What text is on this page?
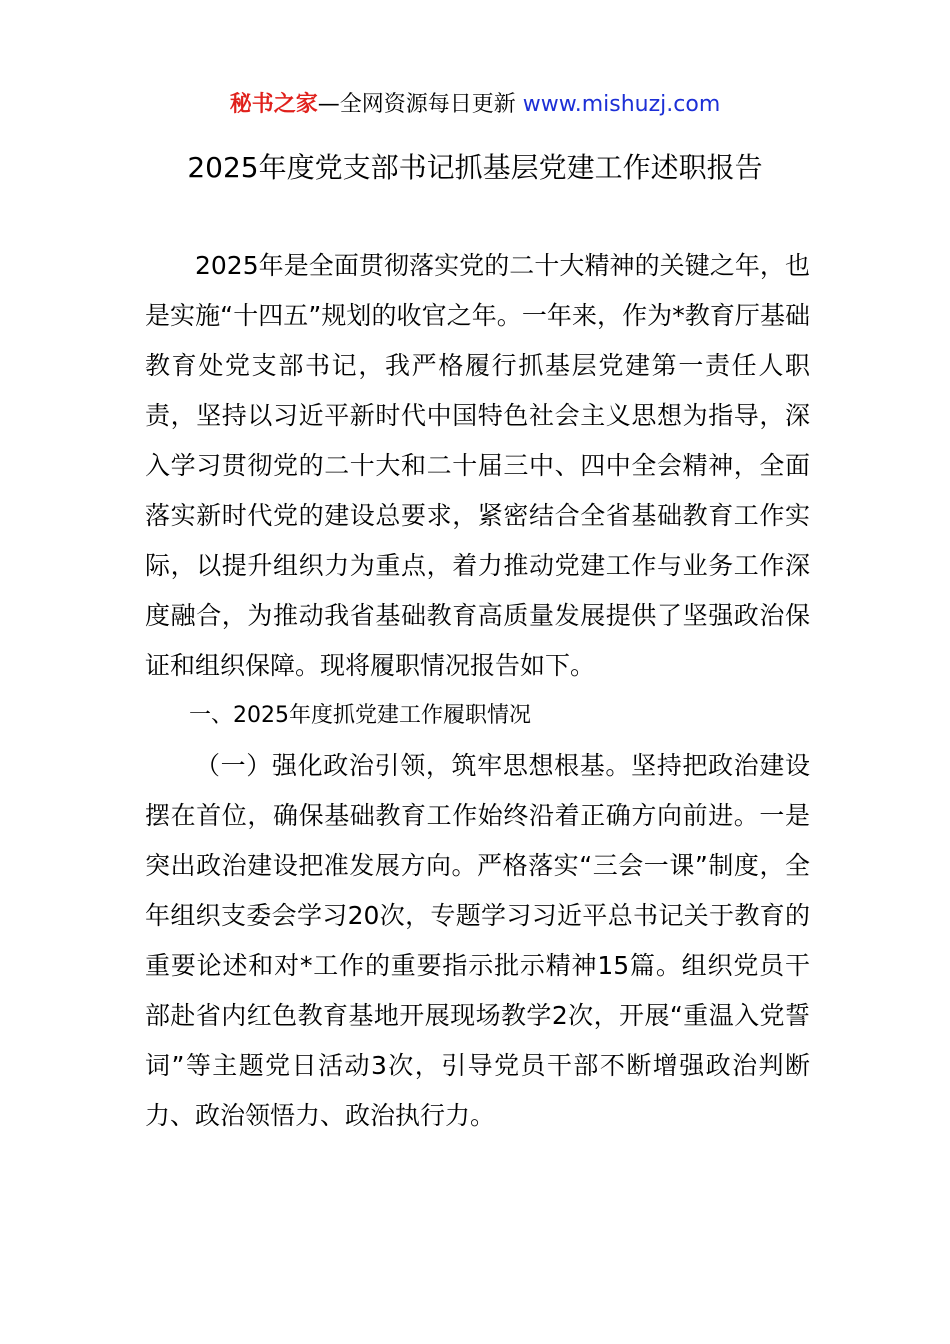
秘书之家—全网资源每日更新 www.mishuzj.com
2025年度党支部书记抓基层党建工作述职报告

2025年是全面贯彻落实党的二十大精神的关键之年，也是实施“十四五”规划的收官之年。一年来，作为*教育厅基础教育处党支部书记，我严格履行抓基层党建第一责任人职责，坚持以习近平新时代中国特色社会主义思想为指导，深入学习贯彻党的二十大和二十届三中、四中全会精神，全面落实新时代党的建设总要求，紧密结合全省基础教育工作实际，以提升组织力为重点，着力推动党建工作与业务工作深度融合，为推动我省基础教育高质量发展提供了坚强政治保证和组织保障。现将履职情况报告如下。

一、2025年度抓党建工作履职情况

（一）强化政治引领，筑牢思想根基。坚持把政治建设摆在首位，确保基础教育工作始终沿着正确方向前进。一是突出政治建设把准发展方向。严格落实“三会一课”制度，全年组织支委会学习20次，专题学习习近平总书记关于教育的重要论述和对*工作的重要指示批示精神15篇。组织党员干部赴省内红色教育基地开展现场教学2次，开展“重温入党誓词”等主题党日活动3次，引导党员干部不断增强政治判断力、政治领悟力、政治执行力。
